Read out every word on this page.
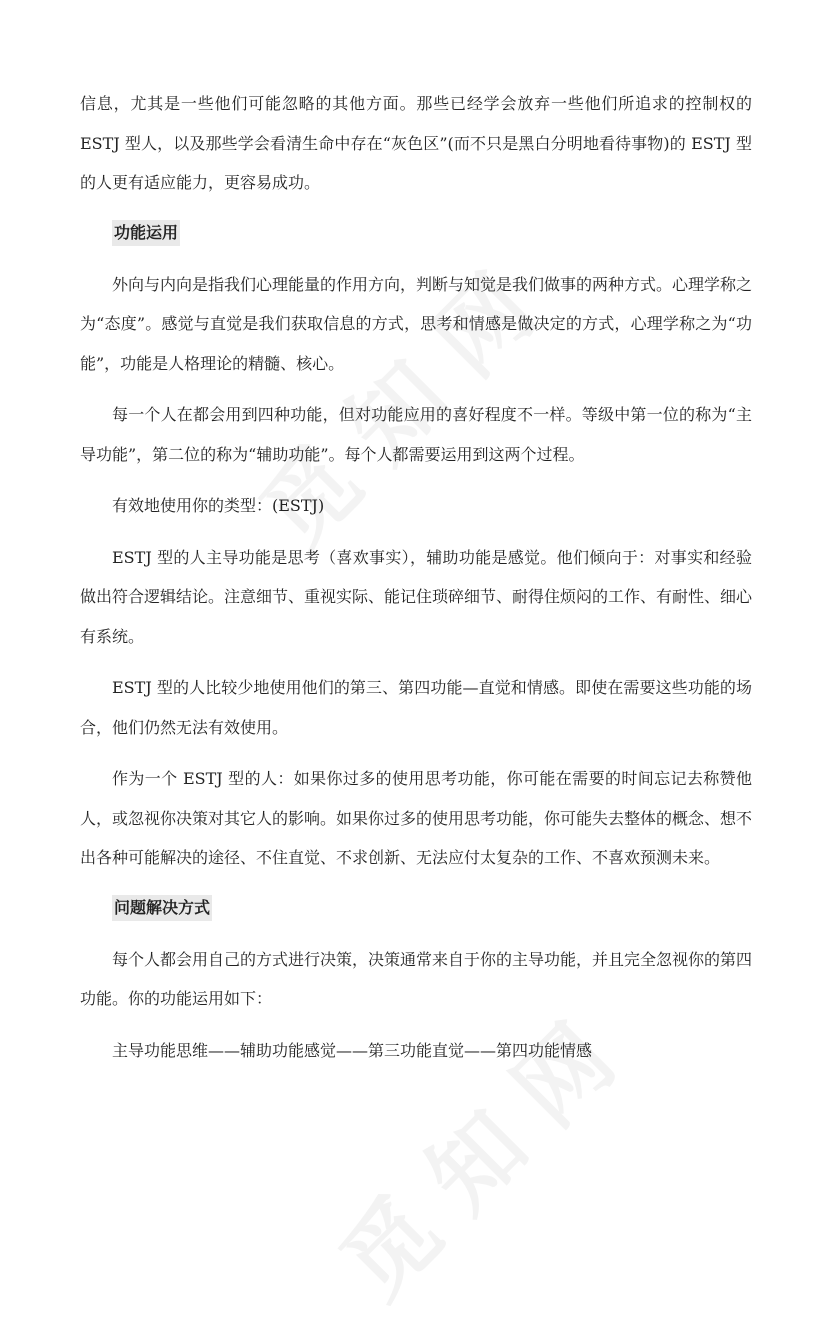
信息，尤其是一些他们可能忽略的其他方面。那些已经学会放弃一些他们所追求的控制权的 ESTJ 型人，以及那些学会看清生命中存在“灰色区”(而不只是黑白分明地看待事物)的 ESTJ 型的人更有适应能力，更容易成功。

功能运用

外向与内向是指我们心理能量的作用方向，判断与知觉是我们做事的两种方式。心理学称之为“态度”。感觉与直觉是我们获取信息的方式，思考和情感是做决定的方式，心理学称之为“功能”，功能是人格理论的精髓、核心。

每一个人在都会用到四种功能，但对功能应用的喜好程度不一样。等级中第一位的称为“主导功能”，第二位的称为“辅助功能”。每个人都需要运用到这两个过程。

有效地使用你的类型：(ESTJ)

ESTJ 型的人主导功能是思考（喜欢事实），辅助功能是感觉。他们倾向于：对事实和经验做出符合逻辑结论。注意细节、重视实际、能记住琐碎细节、耐得住烦闷的工作、有耐性、细心有系统。

ESTJ 型的人比较少地使用他们的第三、第四功能—直觉和情感。即使在需要这些功能的场合，他们仍然无法有效使用。

作为一个 ESTJ 型的人：如果你过多的使用思考功能，你可能在需要的时间忘记去称赞他人，或忽视你决策对其它人的影响。如果你过多的使用思考功能，你可能失去整体的概念、想不出各种可能解决的途径、不住直觉、不求创新、无法应付太复杂的工作、不喜欢预测未来。

问题解决方式

每个人都会用自己的方式进行决策，决策通常来自于你的主导功能，并且完全忽视你的第四功能。你的功能运用如下：

主导功能思维——辅助功能感觉——第三功能直觉——第四功能情感
